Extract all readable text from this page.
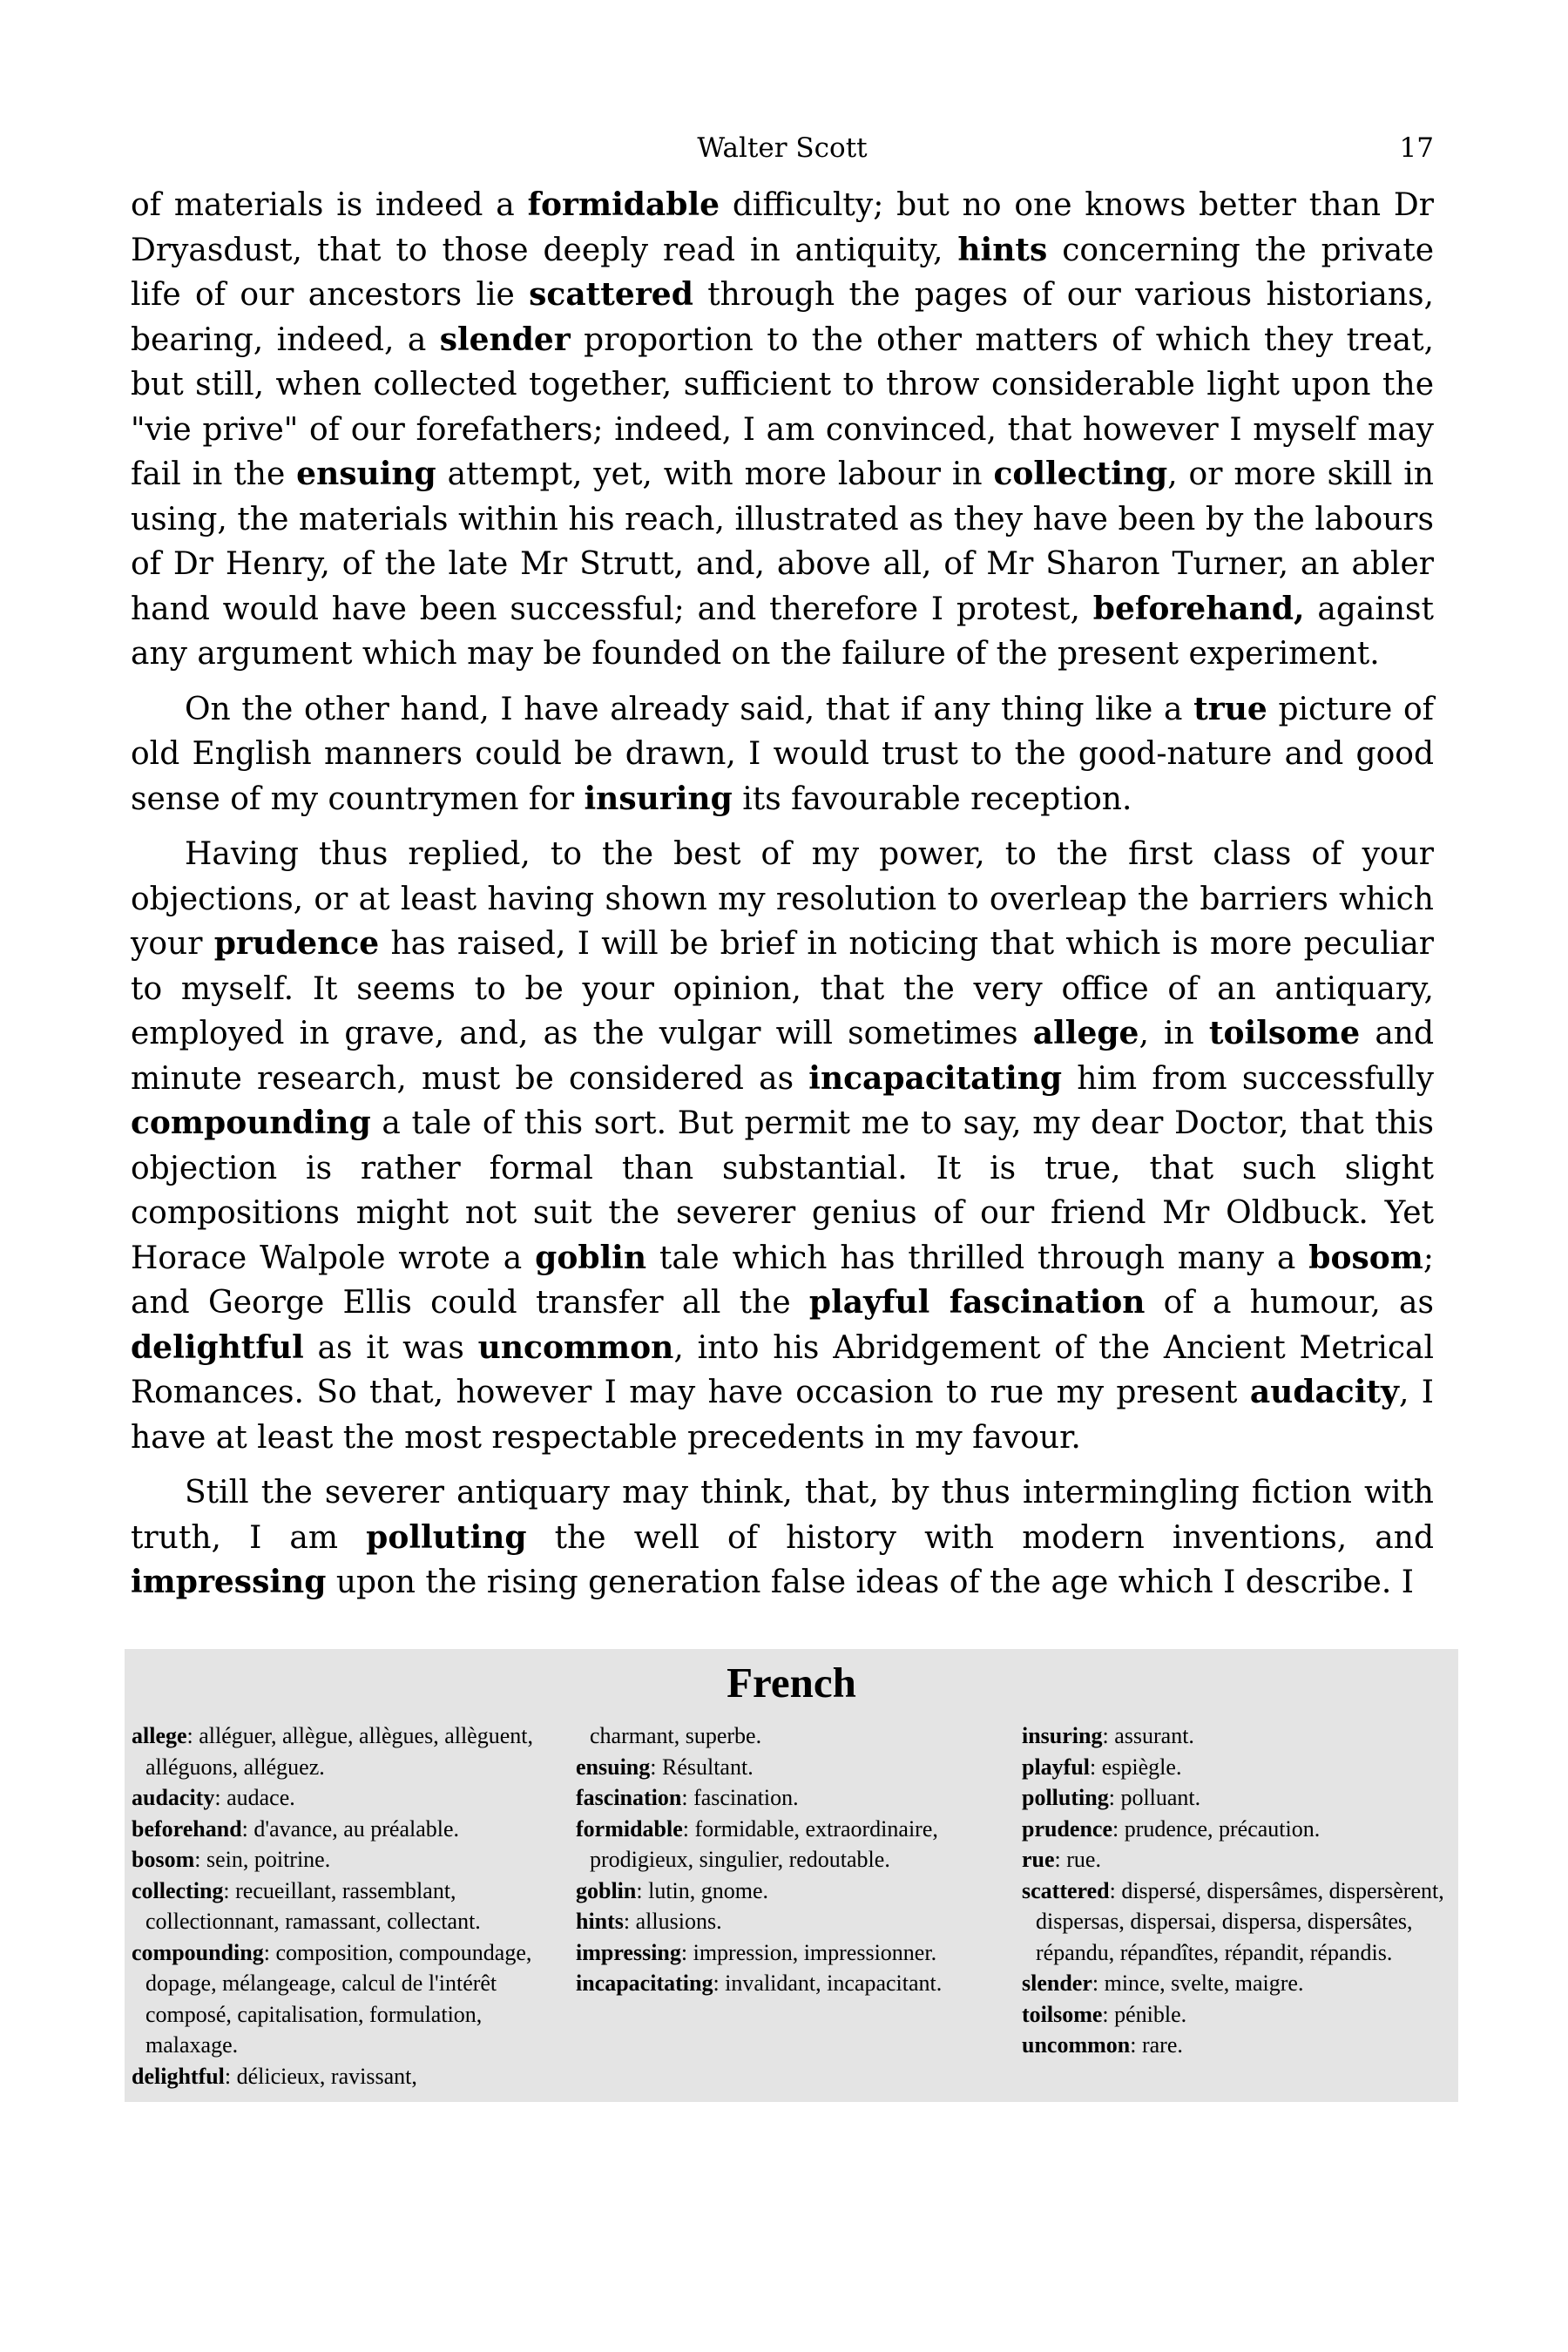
Walter Scott	17

of materials is indeed a formidable difficulty; but no one knows better than Dr Dryasdust, that to those deeply read in antiquity, hints concerning the private life of our ancestors lie scattered through the pages of our various historians, bearing, indeed, a slender proportion to the other matters of which they treat, but still, when collected together, sufficient to throw considerable light upon the "vie prive" of our forefathers; indeed, I am convinced, that however I myself may fail in the ensuing attempt, yet, with more labour in collecting, or more skill in using, the materials within his reach, illustrated as they have been by the labours of Dr Henry, of the late Mr Strutt, and, above all, of Mr Sharon Turner, an abler hand would have been successful; and therefore I protest, beforehand, against any argument which may be founded on the failure of the present experiment.

On the other hand, I have already said, that if any thing like a true picture of old English manners could be drawn, I would trust to the good-nature and good sense of my countrymen for insuring its favourable reception.

Having thus replied, to the best of my power, to the first class of your objections, or at least having shown my resolution to overleap the barriers which your prudence has raised, I will be brief in noticing that which is more peculiar to myself. It seems to be your opinion, that the very office of an antiquary, employed in grave, and, as the vulgar will sometimes allege, in toilsome and minute research, must be considered as incapacitating him from successfully compounding a tale of this sort. But permit me to say, my dear Doctor, that this objection is rather formal than substantial. It is true, that such slight compositions might not suit the severer genius of our friend Mr Oldbuck. Yet Horace Walpole wrote a goblin tale which has thrilled through many a bosom; and George Ellis could transfer all the playful fascination of a humour, as delightful as it was uncommon, into his Abridgement of the Ancient Metrical Romances. So that, however I may have occasion to rue my present audacity, I have at least the most respectable precedents in my favour.

Still the severer antiquary may think, that, by thus intermingling fiction with truth, I am polluting the well of history with modern inventions, and impressing upon the rising generation false ideas of the age which I describe. I

French
allege: alléguer, allègue, allègues, allèguent, alléguons, alléguez.
audacity: audace.
beforehand: d'avance, au préalable.
bosom: sein, poitrine.
collecting: recueillant, rassemblant, collectionnant, ramassant, collectant.
compounding: composition, compoundage, dopage, mélangeage, calcul de l'intérêt composé, capitalisation, formulation, malaxage.
delightful: délicieux, ravissant,
charmant, superbe.
ensuing: Résultant.
fascination: fascination.
formidable: formidable, extraordinaire, prodigieux, singulier, redoutable.
goblin: lutin, gnome.
hints: allusions.
impressing: impression, impressionner.
incapacitating: invalidant, incapacitant.
insuring: assurant.
playful: espiègle.
polluting: polluant.
prudence: prudence, précaution.
rue: rue.
scattered: dispersé, dispersâmes, dispersèrent, dispersas, dispersai, dispersa, dispersâtes, répandu, répandîtes, répandit, répandis.
slender: mince, svelte, maigre.
toilsome: pénible.
uncommon: rare.
